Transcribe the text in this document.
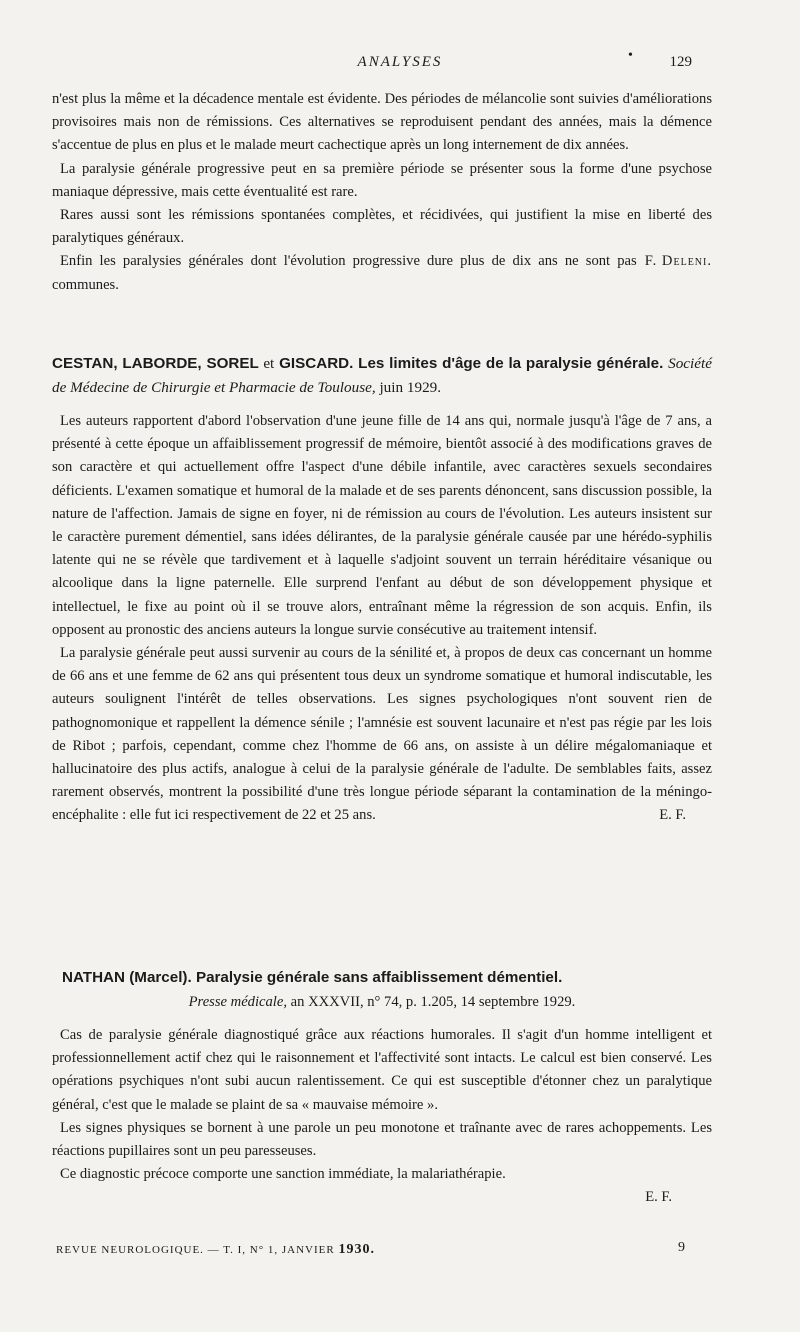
ANALYSES	• 129

n'est plus la même et la décadence mentale est évidente. Des périodes de mélancolie sont suivies d'améliorations provisoires mais non de rémissions. Ces alternatives se reproduisent pendant des années, mais la démence s'accentue de plus en plus et le malade meurt cachectique après un long internement de dix années.

La paralysie générale progressive peut en sa première période se présenter sous la forme d'une psychose maniaque dépressive, mais cette éventualité est rare.

Rares aussi sont les rémissions spontanées complètes, et récidivées, qui justifient la mise en liberté des paralytiques généraux.

F. Deleni.
Enfin les paralysies générales dont l'évolution progressive dure plus de dix ans ne sont pas communes.

CESTAN, LABORDE, SOREL et GISCARD. Les limites d'âge de la paralysie générale. Société de Médecine de Chirurgie et Pharmacie de Toulouse, juin 1929.

Les auteurs rapportent d'abord l'observation d'une jeune fille de 14 ans qui, normale jusqu'à l'âge de 7 ans, a présenté à cette époque un affaiblissement progressif de mémoire, bientôt associé à des modifications graves de son caractère et qui actuellement offre l'aspect d'une débile infantile, avec caractères sexuels secondaires déficients. L'examen somatique et humoral de la malade et de ses parents dénoncent, sans discussion possible, la nature de l'affection. Jamais de signe en foyer, ni de rémission au cours de l'évolution. Les auteurs insistent sur le caractère purement démentiel, sans idées délirantes, de la paralysie générale causée par une hérédo-syphilis latente qui ne se révèle que tardivement et à laquelle s'adjoint souvent un terrain héréditaire vésanique ou alcoolique dans la ligne paternelle. Elle surprend l'enfant au début de son développement physique et intellectuel, le fixe au point où il se trouve alors, entraînant même la régression de son acquis. Enfin, ils opposent au pronostic des anciens auteurs la longue survie consécutive au traitement intensif.

La paralysie générale peut aussi survenir au cours de la sénilité et, à propos de deux cas concernant un homme de 66 ans et une femme de 62 ans qui présentent tous deux un syndrome somatique et humoral indiscutable, les auteurs soulignent l'intérêt de telles observations. Les signes psychologiques n'ont souvent rien de pathognomonique et rappellent la démence sénile ; l'amnésie est souvent lacunaire et n'est pas régie par les lois de Ribot ; parfois, cependant, comme chez l'homme de 66 ans, on assiste à un délire mégalomaniaque et hallucinatoire des plus actifs, analogue à celui de la paralysie générale de l'adulte. De semblables faits, assez rarement observés, montrent la possibilité d'une très longue période séparant la contamination de la méningo-encéphalite : elle fut ici respectivement de 22 et 25 ans.	E. F.

NATHAN (Marcel). Paralysie générale sans affaiblissement démentiel.
Presse médicale, an XXXVII, n° 74, p. 1.205, 14 septembre 1929.

Cas de paralysie générale diagnostiqué grâce aux réactions humorales. Il s'agit d'un homme intelligent et professionnellement actif chez qui le raisonnement et l'affectivité sont intacts. Le calcul est bien conservé. Les opérations psychiques n'ont subi aucun ralentissement. Ce qui est susceptible d'étonner chez un paralytique général, c'est que le malade se plaint de sa « mauvaise mémoire ».

Les signes physiques se bornent à une parole un peu monotone et traînante avec de rares achoppements. Les réactions pupillaires sont un peu paresseuses.

Ce diagnostic précoce comporte une sanction immédiate, la malariathérapie.

E. F.

REVUE NEUROLOGIQUE. — T. I, N° 1, JANVIER 1930.	9
